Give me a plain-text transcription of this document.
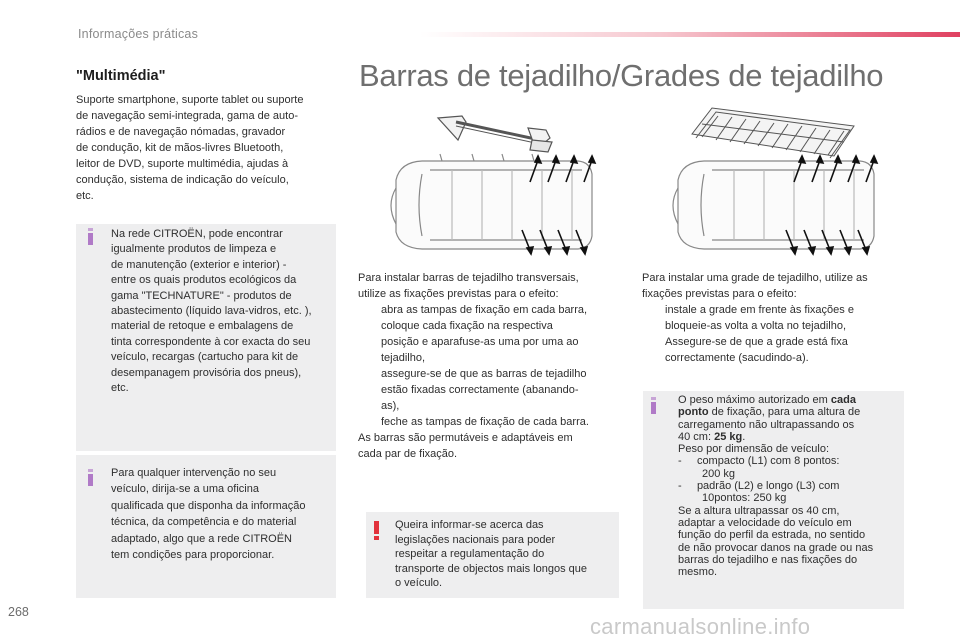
Informações práticas
"Multimédia"
Suporte smartphone, suporte tablet ou suporte
de navegação semi-integrada, gama de auto-
rádios e de navegação nómadas, gravador
de condução, kit de mãos-livres Bluetooth,
leitor de DVD, suporte multimédia, ajudas à
condução, sistema de indicação do veículo,
etc.
Na rede CITROËN, pode encontrar
igualmente produtos de limpeza e
de manutenção (exterior e interior) -
entre os quais produtos ecológicos da
gama "TECHNATURE" - produtos de
abastecimento (líquido lava-vidros, etc. ),
material de retoque e embalagens de
tinta correspondente à cor exacta do seu
veículo, recargas (cartucho para kit de
desempanagem provisória dos pneus),
etc.
Para qualquer intervenção no seu
veículo, dirija-se a uma oficina
qualificada que disponha da informação
técnica, da competência e do material
adaptado, algo que a rede CITROËN
tem condições para proporcionar.
Barras de tejadilho/Grades de tejadilho
Para instalar barras de tejadilho transversais,
utilize as fixações previstas para o efeito:
abra as tampas de fixação em cada barra,
coloque cada fixação na respectiva
posição e aparafuse-as uma por uma ao
tejadilho,
assegure-se de que as barras de tejadilho
estão fixadas correctamente (abanando-
as),
feche as tampas de fixação de cada barra.
As barras são permutáveis e adaptáveis em
cada par de fixação.
Queira informar-se acerca das
legislações nacionais para poder
respeitar a regulamentação do
transporte de objectos mais longos que
o veículo.
Para instalar uma grade de tejadilho, utilize as
fixações previstas para o efeito:
instale a grade em frente às fixações e
bloqueie-as volta a volta no tejadilho,
Assegure-se de que a grade está fixa
correctamente (sacudindo-a).
O peso máximo autorizado em cada
ponto de fixação, para uma altura de
carregamento não ultrapassando os
40 cm: 25 kg.
Peso por dimensão de veículo:
-     compacto (L1) com 8 pontos:
200 kg
-     padrão (L2) e longo (L3) com
10pontos: 250 kg
Se a altura ultrapassar os 40 cm,
adaptar a velocidade do veículo em
função do perfil da estrada, no sentido
de não provocar danos na grade ou nas
barras do tejadilho e nas fixações do
mesmo.
268
carmanualsonline.info
